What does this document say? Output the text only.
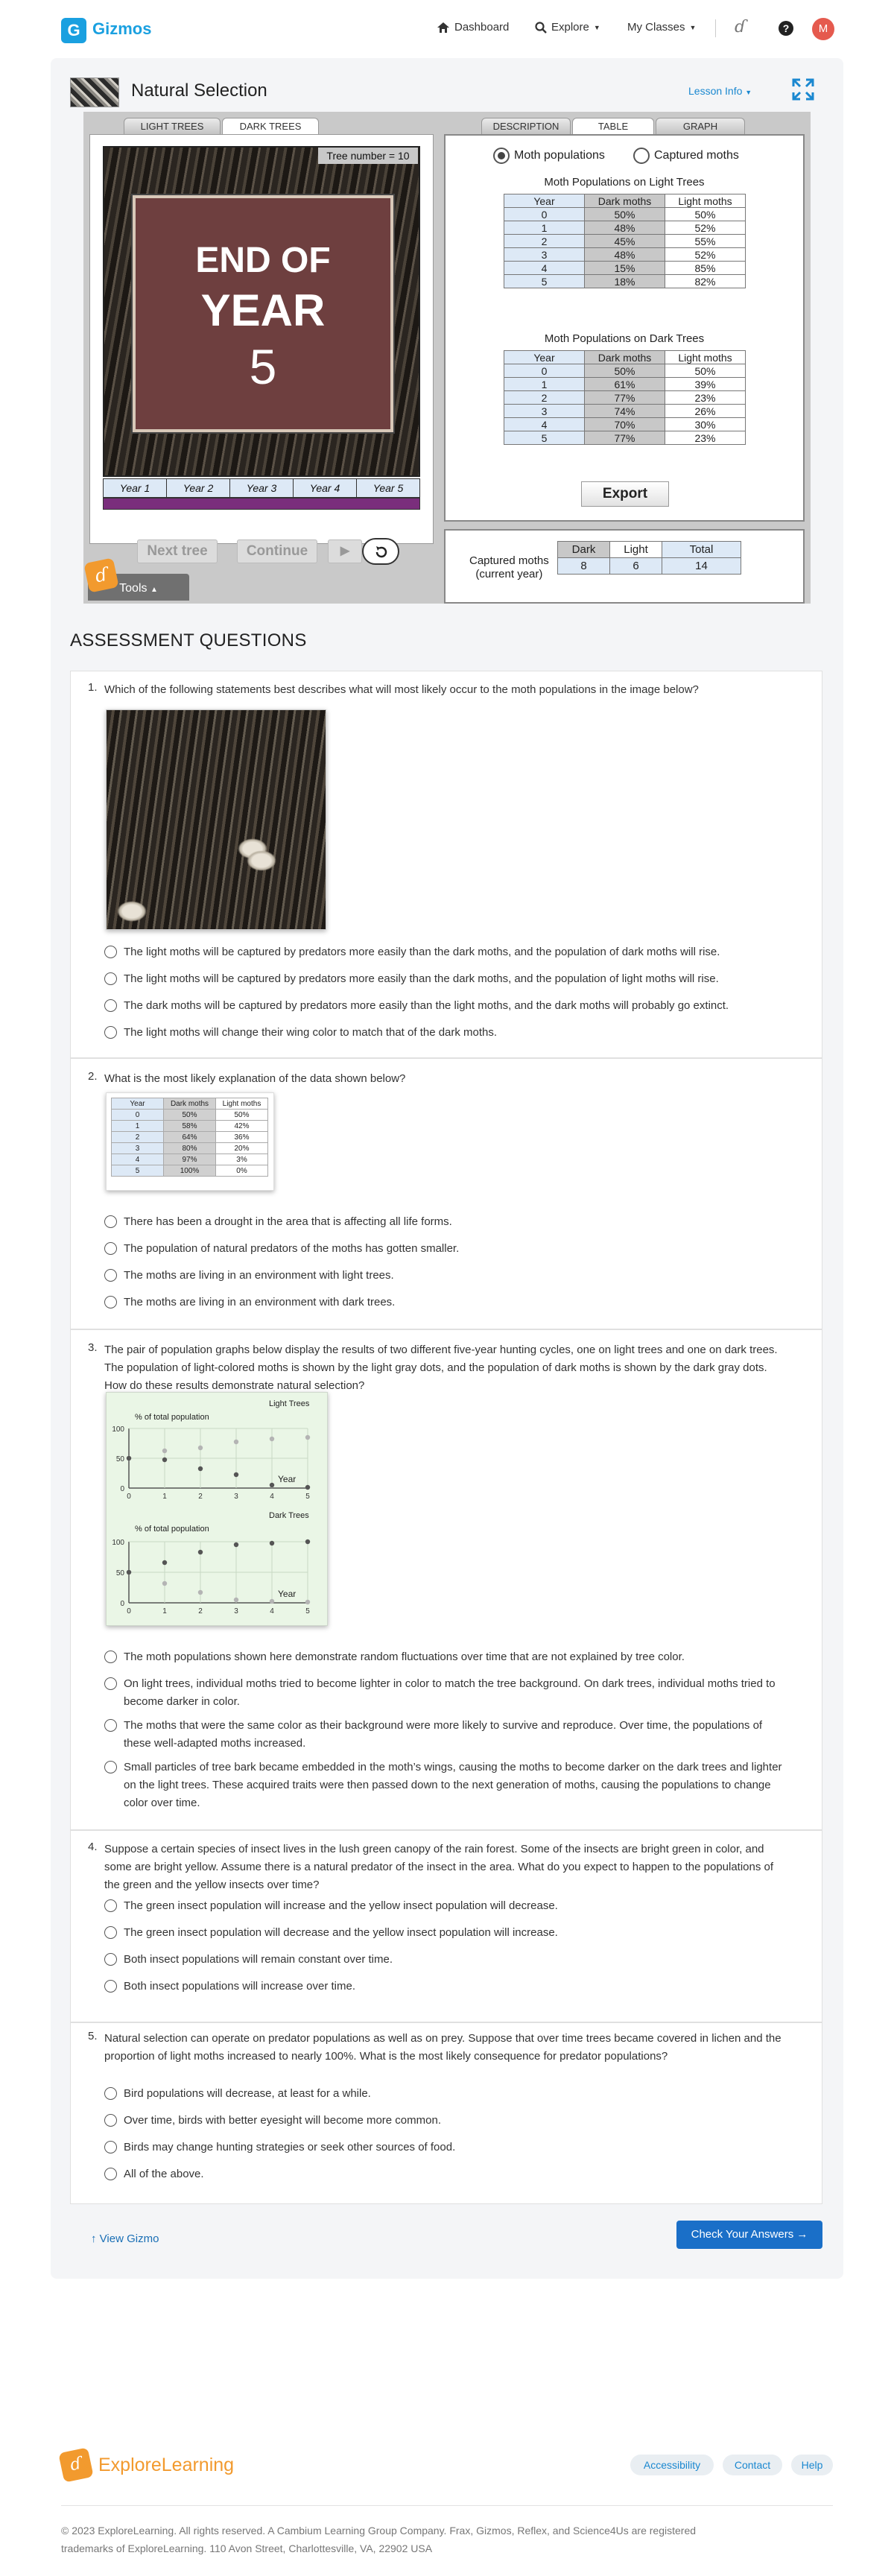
G Gizmos	Dashboard	Explore ▼ My Classes ▼ ɗ	?	M
Natural Selection	Lesson Info ▼
LIGHT TREES	DARK TREES	DESCRIPTION	TABLE	GRAPH
Tree number = 10
END OF
YEAR
5
Year 1	Year 2	Year 3	Year 4	Year 5
Next tree	Continue	▶
Tools ▲
ɗ
Moth populations	Captured moths
Moth Populations on Light Trees
Year	Dark moths	Light moths
0	50%	50%
1	48%	52%
2	45%	55%
3	48%	52%
4	15%	85%
5	18%	82%
Moth Populations on Dark Trees
Year	Dark moths	Light moths
0	50%	50%
1	61%	39%
2	77%	23%
3	74%	26%
4	70%	30%
5	77%	23%
Export
Captured moths
(current year)
Dark	Light	Total
8	6	14
ASSESSMENT QUESTIONS
1. Which of the following statements best describes what will most likely occur to the moth populations in the image below?
The light moths will be captured by predators more easily than the dark moths, and the population of dark moths will rise.
The light moths will be captured by predators more easily than the dark moths, and the population of light moths will rise.
The dark moths will be captured by predators more easily than the light moths, and the dark moths will probably go extinct.
The light moths will change their wing color to match that of the dark moths.
2. What is the most likely explanation of the data shown below?
Year	Dark moths	Light moths
0	50%	50%
1	58%	42%
2	64%	36%
3	80%	20%
4	97%	3%
5	100%	0%
There has been a drought in the area that is affecting all life forms.
The population of natural predators of the moths has gotten smaller.
The moths are living in an environment with light trees.
The moths are living in an environment with dark trees.
3. The pair of population graphs below display the results of two different five-year hunting cycles, one on light trees and one on dark trees. The population of light-colored moths is shown by the light gray dots, and the population of dark moths is shown by the dark gray dots. How do these results demonstrate natural selection?
Light Trees
% of total population
Year
100
50
0
0	1	2	3	4	5
Dark Trees
% of total population
Year
100
50
0
0	1	2	3	4	5
The moth populations shown here demonstrate random fluctuations over time that are not explained by tree color.
On light trees, individual moths tried to become lighter in color to match the tree background. On dark trees, individual moths tried to become darker in color.
The moths that were the same color as their background were more likely to survive and reproduce. Over time, the populations of these well-adapted moths increased.
Small particles of tree bark became embedded in the moth’s wings, causing the moths to become darker on the dark trees and lighter on the light trees. These acquired traits were then passed down to the next generation of moths, causing the populations to change color over time.
4. Suppose a certain species of insect lives in the lush green canopy of the rain forest. Some of the insects are bright green in color, and some are bright yellow. Assume there is a natural predator of the insect in the area. What do you expect to happen to the populations of the green and the yellow insects over time?
The green insect population will increase and the yellow insect population will decrease.
The green insect population will decrease and the yellow insect population will increase.
Both insect populations will remain constant over time.
Both insect populations will increase over time.
5. Natural selection can operate on predator populations as well as on prey. Suppose that over time trees became covered in lichen and the proportion of light moths increased to nearly 100%. What is the most likely consequence for predator populations?
Bird populations will decrease, at least for a while.
Over time, birds with better eyesight will become more common.
Birds may change hunting strategies or seek other sources of food.
All of the above.
↑ View Gizmo	Check Your Answers →
ɗ ExploreLearning	Accessibility	Contact	Help
© 2023 ExploreLearning. All rights reserved. A Cambium Learning Group Company. Frax, Gizmos, Reflex, and Science4Us are registered
trademarks of ExploreLearning. 110 Avon Street, Charlottesville, VA, 22902 USA
